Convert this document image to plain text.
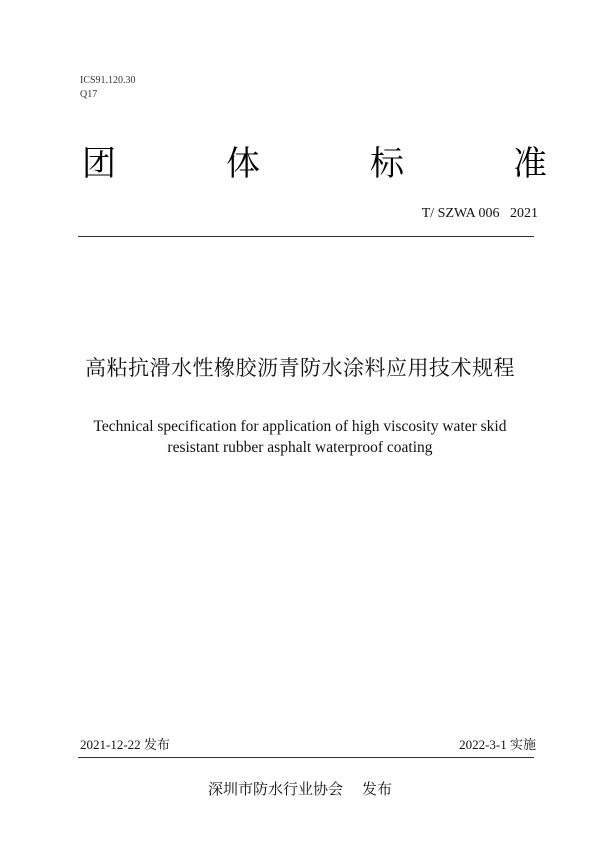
ICS91.120.30
Q17
团	体	标	准
T/ SZWA 006 2021
高粘抗滑水性橡胶沥青防水涂料应用技术规程
Technical specification for application of high viscosity water skid
resistant rubber asphalt waterproof coating
2021-12-22 发布	2022-3-1 实施
深圳市防水行业协会 发布
